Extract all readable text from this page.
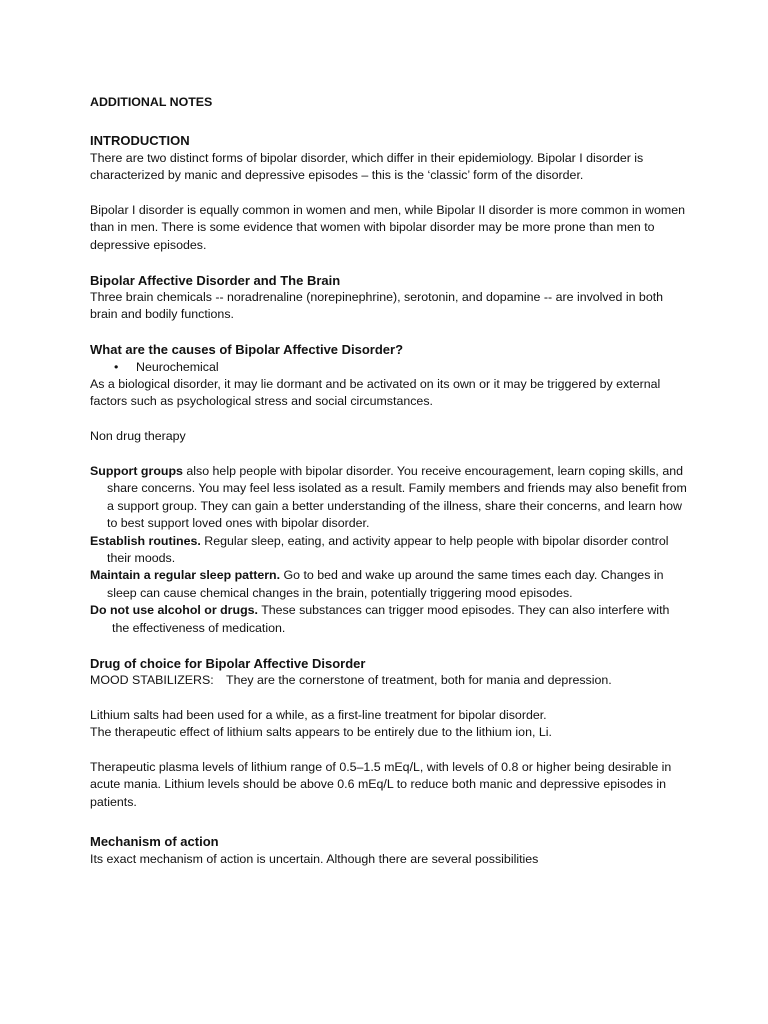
ADDITIONAL NOTES

INTRODUCTION

There are two distinct forms of bipolar disorder, which differ in their epidemiology. Bipolar I disorder is characterized by manic and depressive episodes – this is the ‘classic’ form of the disorder.

Bipolar I disorder is equally common in women and men, while Bipolar II disorder is more common in women than in men. There is some evidence that women with bipolar disorder may be more prone than men to depressive episodes.

Bipolar Affective Disorder and The Brain

Three brain chemicals -- noradrenaline (norepinephrine), serotonin, and dopamine -- are involved in both brain and bodily functions.

What are the causes of Bipolar Affective Disorder?

• Neurochemical

As a biological disorder, it may lie dormant and be activated on its own or it may be triggered by external factors such as psychological stress and social circumstances.

Non drug therapy

Support groups also help people with bipolar disorder. You receive encouragement, learn coping skills, and share concerns. You may feel less isolated as a result. Family members and friends may also benefit from a support group. They can gain a better understanding of the illness, share their concerns, and learn how to best support loved ones with bipolar disorder.

Establish routines. Regular sleep, eating, and activity appear to help people with bipolar disorder control their moods.

Maintain a regular sleep pattern. Go to bed and wake up around the same times each day. Changes in sleep can cause chemical changes in the brain, potentially triggering mood episodes.

Do not use alcohol or drugs. These substances can trigger mood episodes. They can also interfere with the effectiveness of medication.

Drug of choice for Bipolar Affective Disorder

MOOD STABILIZERS: They are the cornerstone of treatment, both for mania and depression.

Lithium salts had been used for a while, as a first-line treatment for bipolar disorder.

The therapeutic effect of lithium salts appears to be entirely due to the lithium ion, Li.

Therapeutic plasma levels of lithium range of 0.5–1.5 mEq/L, with levels of 0.8 or higher being desirable in acute mania. Lithium levels should be above 0.6 mEq/L to reduce both manic and depressive episodes in patients.

Mechanism of action

Its exact mechanism of action is uncertain. Although there are several possibilities
